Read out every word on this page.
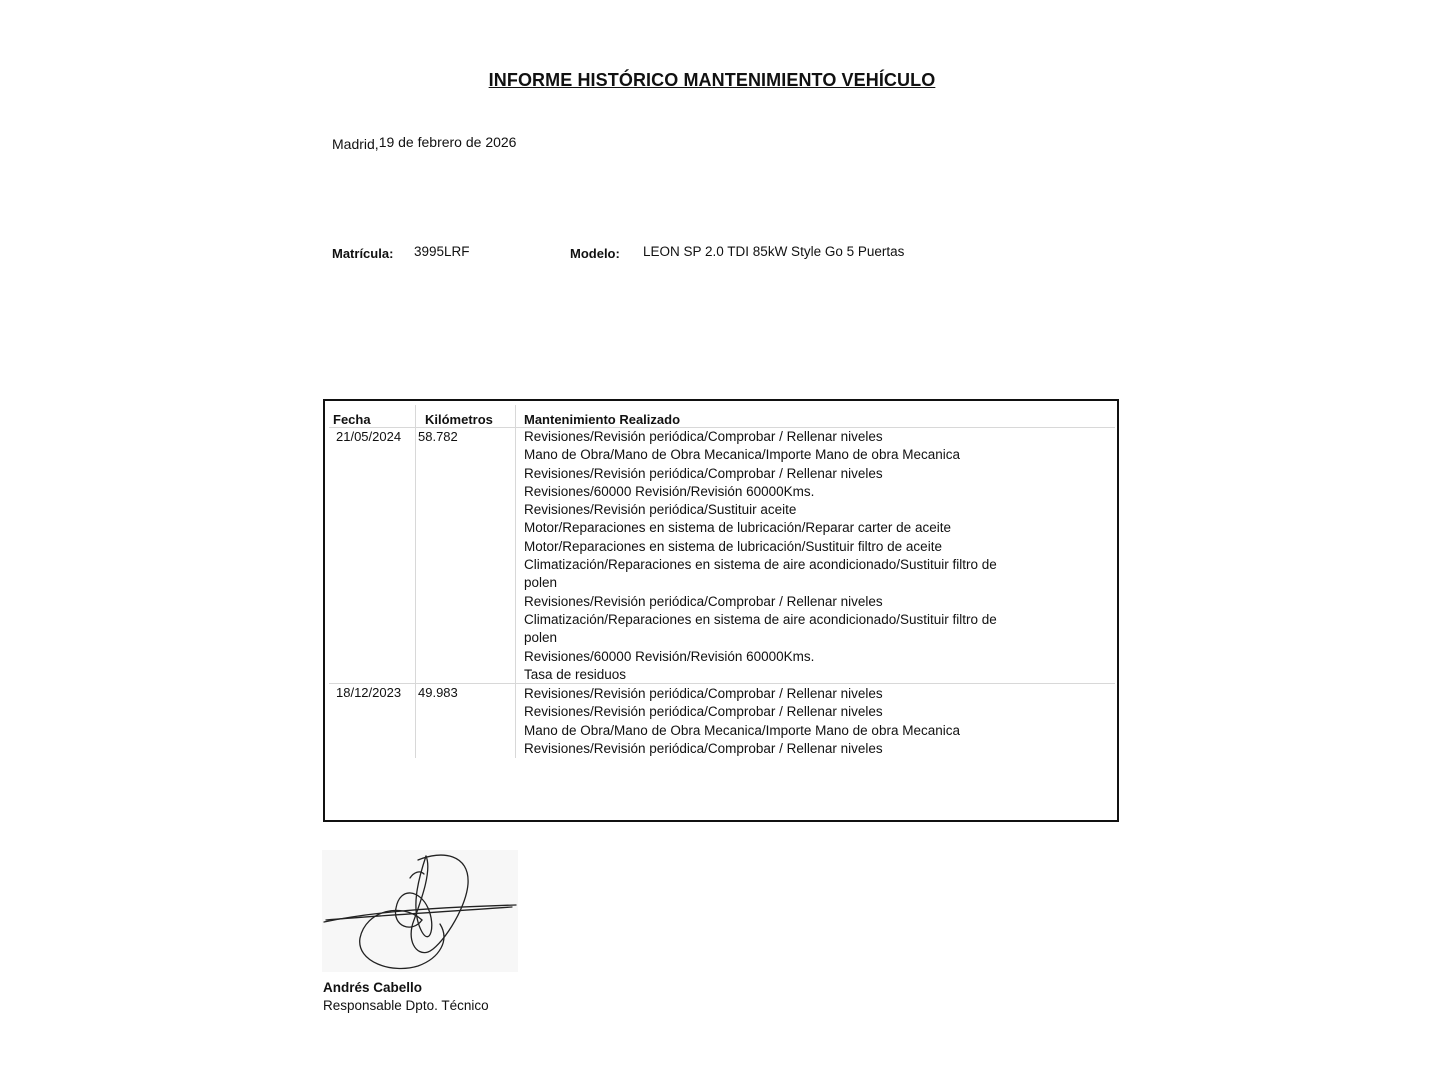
INFORME HISTÓRICO MANTENIMIENTO VEHÍCULO
Madrid,19 de febrero de 2026
Matrícula: 3995LRF	Modelo: LEON SP 2.0 TDI 85kW Style Go 5 Puertas
Fecha	Kilómetros Mantenimiento Realizado
21/05/2024 58.782	Revisiones/Revisión periódica/Comprobar / Rellenar niveles
Mano de Obra/Mano de Obra Mecanica/Importe Mano de obra Mecanica
Revisiones/Revisión periódica/Comprobar / Rellenar niveles
Revisiones/60000 Revisión/Revisión 60000Kms.
Revisiones/Revisión periódica/Sustituir aceite
Motor/Reparaciones en sistema de lubricación/Reparar carter de aceite
Motor/Reparaciones en sistema de lubricación/Sustituir filtro de aceite
Climatización/Reparaciones en sistema de aire acondicionado/Sustituir filtro de polen
Revisiones/Revisión periódica/Comprobar / Rellenar niveles
Climatización/Reparaciones en sistema de aire acondicionado/Sustituir filtro de polen
Revisiones/60000 Revisión/Revisión 60000Kms.
Tasa de residuos
18/12/2023 49.983	Revisiones/Revisión periódica/Comprobar / Rellenar niveles
Revisiones/Revisión periódica/Comprobar / Rellenar niveles
Mano de Obra/Mano de Obra Mecanica/Importe Mano de obra Mecanica
Revisiones/Revisión periódica/Comprobar / Rellenar niveles
Andrés Cabello
Responsable Dpto. Técnico
